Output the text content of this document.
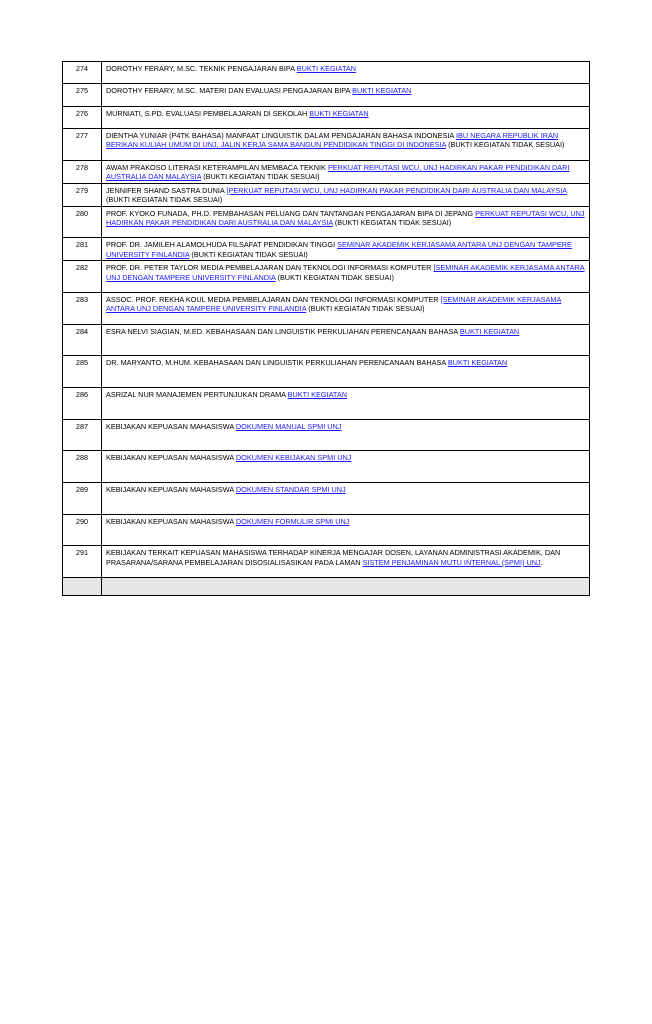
274	DOROTHY FERARY, M.SC. TEKNIK PENGAJARAN BIPA BUKTI KEGIATAN
275	DOROTHY FERARY, M.SC. MATERI DAN EVALUASI PENGAJARAN BIPA BUKTI KEGIATAN
276	MURNIATI, S.PD. EVALUASI PEMBELAJARAN DI SEKOLAH BUKTI KEGIATAN
277	DIENTHA YUNIAR (P4TK BAHASA) MANFAAT LINGUISTIK DALAM PENGAJARAN BAHASA INDONESIA IBU NEGARA REPUBLIK IRAN BERIKAN KULIAH UMUM DI UNJ, JALIN KERJA SAMA BANGUN PENDIDIKAN TINGGI DI INDONESIA (BUKTI KEGIATAN TIDAK SESUAI)
278	AWAM PRAKOSO LITERASI KETERAMPILAN MEMBACA TEKNIK PERKUAT REPUTASI WCU, UNJ HADIRKAN PAKAR PENDIDIKAN DARI AUSTRALIA DAN MALAYSIA (BUKTI KEGIATAN TIDAK SESUAI)
279	JENNIFER SHAND SASTRA DUNIA [PERKUAT REPUTASI WCU, UNJ HADIRKAN PAKAR PENDIDIKAN DARI AUSTRALIA DAN MALAYSIA (BUKTI KEGIATAN TIDAK SESUAI)
280	PROF. KYOKO FUNADA, PH.D. PEMBAHASAN PELUANG DAN TANTANGAN PENGAJARAN BIPA DI JEPANG PERKUAT REPUTASI WCU, UNJ HADIRKAN PAKAR PENDIDIKAN DARI AUSTRALIA DAN MALAYSIA (BUKTI KEGIATAN TIDAK SESUAI)
281	PROF. DR. JAMILEH ALAMOLHUDA FILSAFAT PENDIDIKAN TINGGI SEMINAR AKADEMIK KERJASAMA ANTARA UNJ DENGAN TAMPERE UNIVERSITY FINLANDIA (BUKTI KEGIATAN TIDAK SESUAI)
282	PROF. DR. PETER TAYLOR MEDIA PEMBELAJARAN DAN TEKNOLOGI INFORMASI KOMPUTER [SEMINAR AKADEMIK KERJASAMA ANTARA UNJ DENGAN TAMPERE UNIVERSITY FINLANDIA (BUKTI KEGIATAN TIDAK SESUAI)
283	ASSOC. PROF. REKHA KOUL MEDIA PEMBELAJARAN DAN TEKNOLOGI INFORMASI KOMPUTER [SEMINAR AKADEMIK KERJASAMA ANTARA UNJ DENGAN TAMPERE UNIVERSITY FINLANDIA (BUKTI KEGIATAN TIDAK SESUAI)
284	ESRA NELVI SIAGIAN, M.ED. KEBAHASAAN DAN LINGUISTIK PERKULIAHAN PERENCANAAN BAHASA BUKTI KEGIATAN
285	DR. MARYANTO, M.HUM. KEBAHASAAN DAN LINGUISTIK PERKULIAHAN PERENCANAAN BAHASA BUKTI KEGIATAN
286	ASRIZAL NUR MANAJEMEN PERTUNJUKAN DRAMA BUKTI KEGIATAN
287	KEBIJAKAN KEPUASAN MAHASISWA DOKUMEN MANUAL SPMI UNJ
288	KEBIJAKAN KEPUASAN MAHASISWA DOKUMEN KEBIJAKAN SPMI UNJ
289	KEBIJAKAN KEPUASAN MAHASISWA DOKUMEN STANDAR SPMI UNJ
290	KEBIJAKAN KEPUASAN MAHASISWA DOKUMEN FORMULIR SPMI UNJ
291	KEBIJAKAN TERKAIT KEPUASAN MAHASISWA TERHADAP KINERJA MENGAJAR DOSEN, LAYANAN ADMINISTRASI AKADEMIK, DAN PRASARANA/SARANA PEMBELAJARAN DISOSIALISASIKAN PADA LAMAN SISTEM PENJAMINAN MUTU INTERNAL (SPMI) UNJ.
